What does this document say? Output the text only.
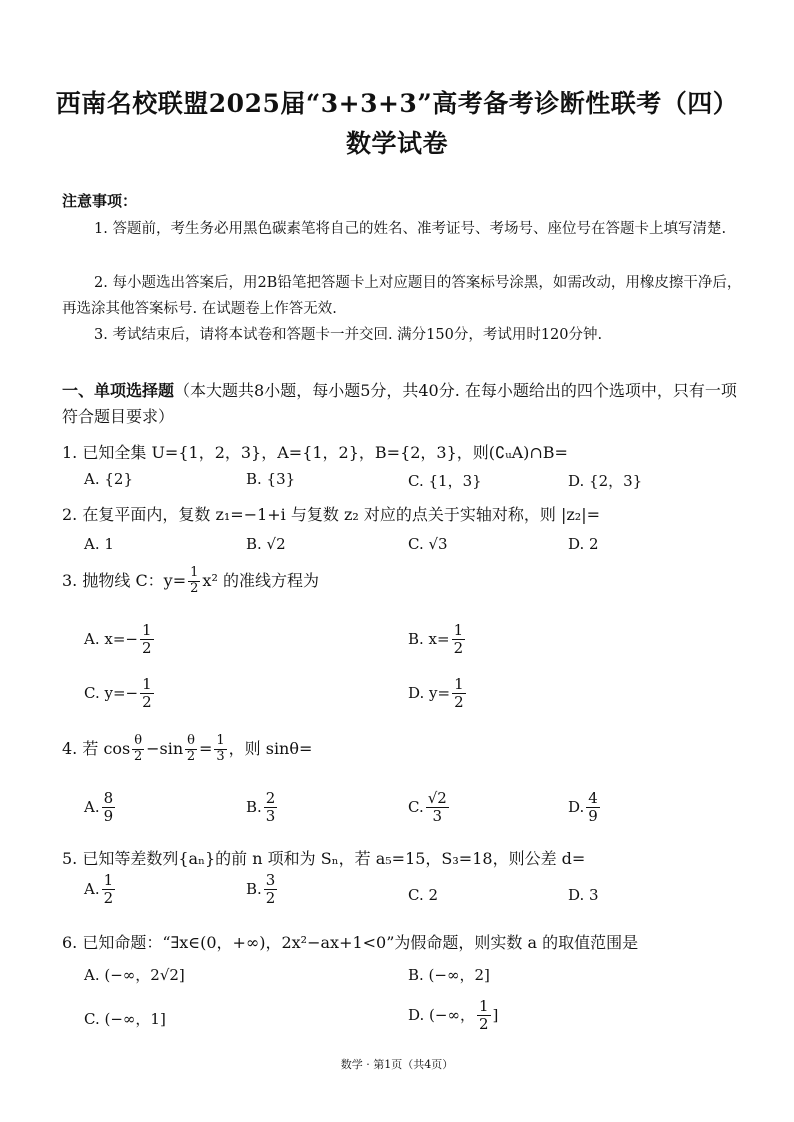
西南名校联盟2025届“3+3+3”高考备考诊断性联考（四）
数学试卷
注意事项：
1. 答题前，考生务必用黑色碳素笔将自己的姓名、准考证号、考场号、座位号在答题卡上填写清楚.
2. 每小题选出答案后，用2B铅笔把答题卡上对应题目的答案标号涂黑，如需改动，用橡皮擦干净后，再选涂其他答案标号. 在试题卷上作答无效.
3. 考试结束后，请将本试卷和答题卡一并交回. 满分150分，考试用时120分钟.
一、单项选择题（本大题共8小题，每小题5分，共40分. 在每小题给出的四个选项中，只有一项符合题目要求）
1. 已知全集 U={1，2，3}，A={1，2}，B={2，3}，则(∁ᵤA)∩B=
A. {2}	B. {3}	C. {1，3}	D. {2，3}
2. 在复平面内，复数 z₁=−1+i 与复数 z₂ 对应的点关于实轴对称，则 |z₂|=
A. 1	B. √2	C. √3	D. 2
3. 抛物线 C：$y= \frac{1}{2} x^2$ 的准线方程为
A. $x=- \frac{1}{2}$	B. $x= \frac{1}{2}$
C. $y=- \frac{1}{2}$	D. $y= \frac{1}{2}$
4. 若 $\cos \frac{\theta}{2} -\sin \frac{\theta}{2} = \frac{1}{3}$ ，则 sinθ=
A. $\frac{8}{9}$	B. $\frac{2}{3}$	C. $\frac{√2}{3}$	D. $\frac{4}{9}$
5. 已知等差数列{aₙ}的前 n 项和为 Sₙ，若 a₅=15，S₃=18，则公差 d=
A. $\frac{1}{2}$	B. $\frac{3}{2}$	C. 2	D. 3
6. 已知命题：“∃x∈(0，+∞)，2x²−ax+1<0”为假命题，则实数 a 的取值范围是
A. (−∞，2√2]	B. (−∞，2]
C. (−∞，1]	D. (−∞， $\frac{1}{2}$ ]
数学 · 第1页（共4页）
